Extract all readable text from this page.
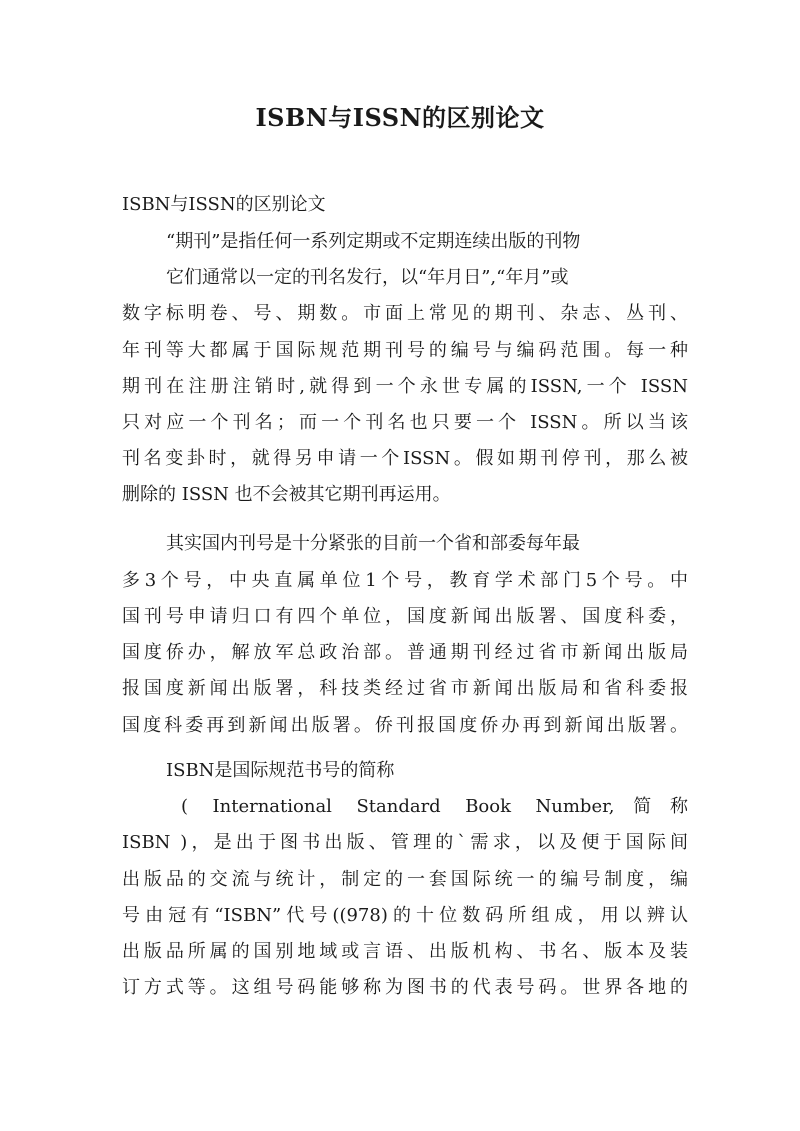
ISBN与ISSN的区别论文

ISBN与ISSN的区别论文

“期刊”是指任何一系列定期或不定期连续出版的刊物

它们通常以一定的刊名发行，以“年月日”,“年月”或

数字标明卷、号、期数。市面上常见的期刊、杂志、丛刊、

年刊等大都属于国际规范期刊号的编号与编码范围。每一种

期刊在注册注销时,就得到一个永世专属的ISSN,一个 ISSN

只对应一个刊名；而一个刊名也只要一个 ISSN。所以当该

刊名变卦时，就得另申请一个ISSN。假如期刊停刊，那么被

删除的 ISSN 也不会被其它期刊再运用。

其实国内刊号是十分紧张的目前一个省和部委每年最

多3个号，中央直属单位1个号，教育学术部门5个号。中

国刊号申请归口有四个单位，国度新闻出版署、国度科委，

国度侨办，解放军总政治部。普通期刊经过省市新闻出版局

报国度新闻出版署，科技类经过省市新闻出版局和省科委报

国度科委再到新闻出版署。侨刊报国度侨办再到新闻出版署。

ISBN是国际规范书号的简称

( International Standard Book Number,简称

ISBN )，是出于图书出版、管理的`需求，以及便于国际间

出版品的交流与统计，制定的一套国际统一的编号制度，编

号由冠有“ISBN”代号((978)的十位数码所组成，用以辨认

出版品所属的国别地域或言语、出版机构、书名、版本及装

订方式等。这组号码能够称为图书的代表号码。世界各地的
